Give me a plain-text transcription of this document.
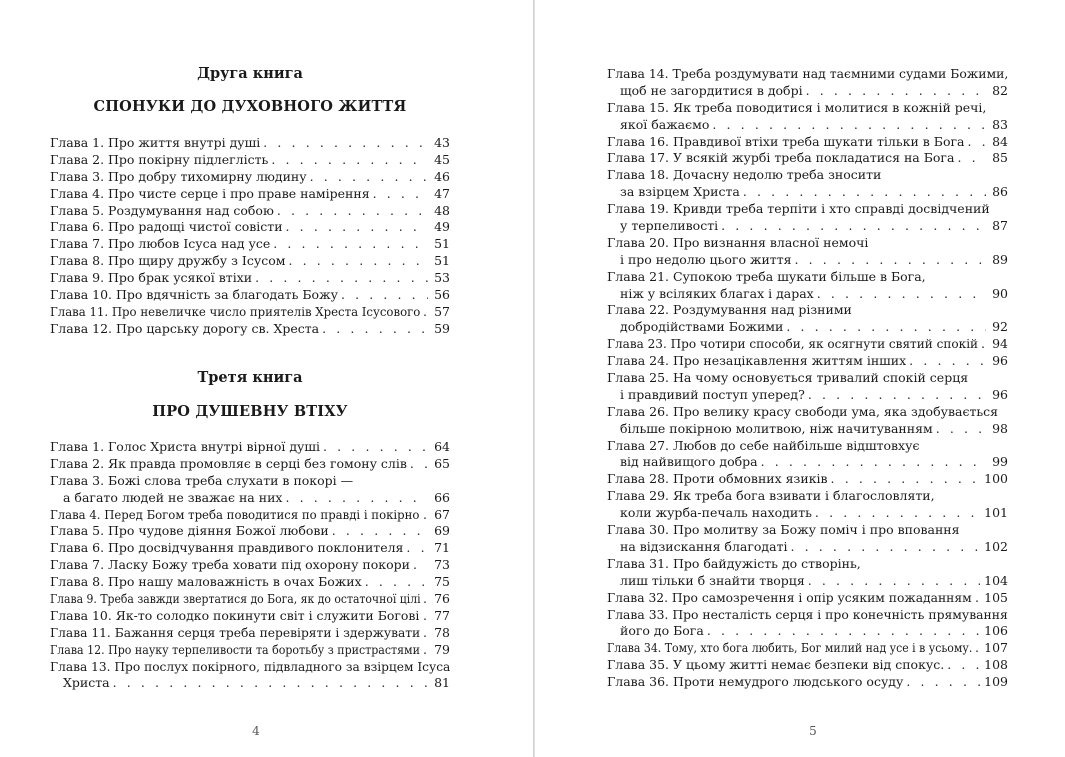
Друга книга
СПОНУКИ ДО ДУХОВНОГО ЖИТТЯ
Глава 1. Про життя внутрі душі . . .	43
Глава 2. Про покірну підлеглість . . .	45
Глава 3. Про добру тихомирну людину . . .	46
Глава 4. Про чисте серце і про праве намірення . . .	47
Глава 5. Роздумування над собою . . .	48
Глава 6. Про радощі чистої совісти . . .	49
Глава 7. Про любов Ісуса над усе . . .	51
Глава 8. Про щиру дружбу з Ісусом . . .	51
Глава 9. Про брак усякої втіхи . . .	53
Глава 10. Про вдячність за благодать Божу . . .	56
Глава 11. Про невеличке число приятелів Хреста Ісусового . . .	57
Глава 12. Про царську дорогу св. Хреста . . .	59
Третя книга
ПРО ДУШЕВНУ ВТІХУ
Глава 1. Голос Христа внутрі вірної душі . . .	64
Глава 2. Як правда промовляє в серці без гомону слів . . .	65
Глава 3. Божі слова треба слухати в покорі —
а багато людей не зважає на них . . .	66
Глава 4. Перед Богом треба поводитися по правді і покірно . . .	67
Глава 5. Про чудове діяння Божої любови . . .	69
Глава 6. Про досвідчування правдивого поклонителя . . .	71
Глава 7. Ласку Божу треба ховати під охорону покори . . .	73
Глава 8. Про нашу маловажність в очах Божих . . .	75
Глава 9. Треба завжди звертатися до Бога, як до остаточної цілі . . .	76
Глава 10. Як-то солодко покинути світ і служити Богові . . .	77
Глава 11. Бажання серця треба перевіряти і здержувати . . .	78
Глава 12. Про науку терпеливости та боротьбу з пристрастями . . .	79
Глава 13. Про послух покірного, підвладного за взірцем Ісуса
Христа . . .	81
4
Глава 14. Треба роздумувати над таємними судами Божими,
щоб не загордитися в добрі . . .	82
Глава 15. Як треба поводитися і молитися в кожній речі,
якої бажаємо . . .	83
Глава 16. Правдивої втіхи треба шукати тільки в Бога . . .	84
Глава 17. У всякій журбі треба покладатися на Бога . . .	85
Глава 18. Дочасну недолю треба зносити
за взірцем Христа . . .	86
Глава 19. Кривди треба терпіти і хто справді досвідчений
у терпеливості . . .	87
Глава 20. Про визнання власної немочі
і про недолю цього життя . . .	89
Глава 21. Супокою треба шукати більше в Бога,
ніж у всіляких благах і дарах . . .	90
Глава 22. Роздумування над різними
добродійствами Божими . . .	92
Глава 23. Про чотири способи, як осягнути святий спокій . . .	94
Глава 24. Про незацікавлення життям інших . . .	96
Глава 25. На чому основується тривалий спокій серця
і правдивий поступ уперед? . . .	96
Глава 26. Про велику красу свободи ума, яка здобувається
більше покірною молитвою, ніж начитуванням . . .	98
Глава 27. Любов до себе найбільше відштовхує
від найвищого добра . . .	99
Глава 28. Проти обмовних язиків . . .	100
Глава 29. Як треба бога взивати і благословляти,
коли журба-печаль находить . . .	101
Глава 30. Про молитву за Божу поміч і про вповання
на відзискання благодаті . . .	102
Глава 31. Про байдужість до створінь,
лиш тільки б знайти творця . . .	104
Глава 32. Про самозречення і опір усяким пожаданням . . . 105
Глава 33. Про несталість серця і про конечність прямування
його до Бога . . .	106
Глава 34. Тому, хто бога любить, Бог милий над усе і в усьому. . . . 107
Глава 35. У цьому житті немає безпеки від спокус. . . .	108
Глава 36. Проти немудрого людського осуду . . .	109
5
